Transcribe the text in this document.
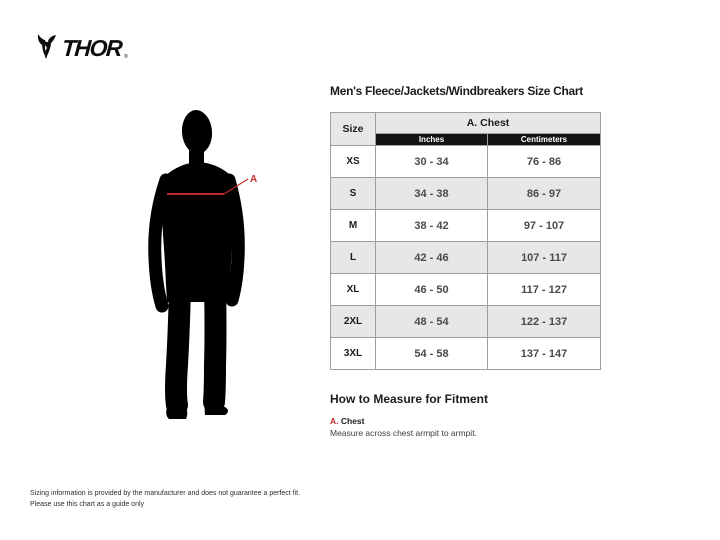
THOR ®
A
Men's Fleece/Jackets/Windbreakers Size Chart
Size	A. Chest	
	Inches	Centimeters
XS	30 - 34	76 - 86
S	34 - 38	86 - 97
M	38 - 42	97 - 107
L	42 - 46	107 - 117
XL	46 - 50	117 - 127
2XL	48 - 54	122 - 137
3XL	54 - 58	137 - 147
How to Measure for Fitment
A. Chest
Measure across chest armpit to armpit.
Sizing information is provided by the manufacturer and does not guarantee a perfect fit.
Please use this chart as a guide only
